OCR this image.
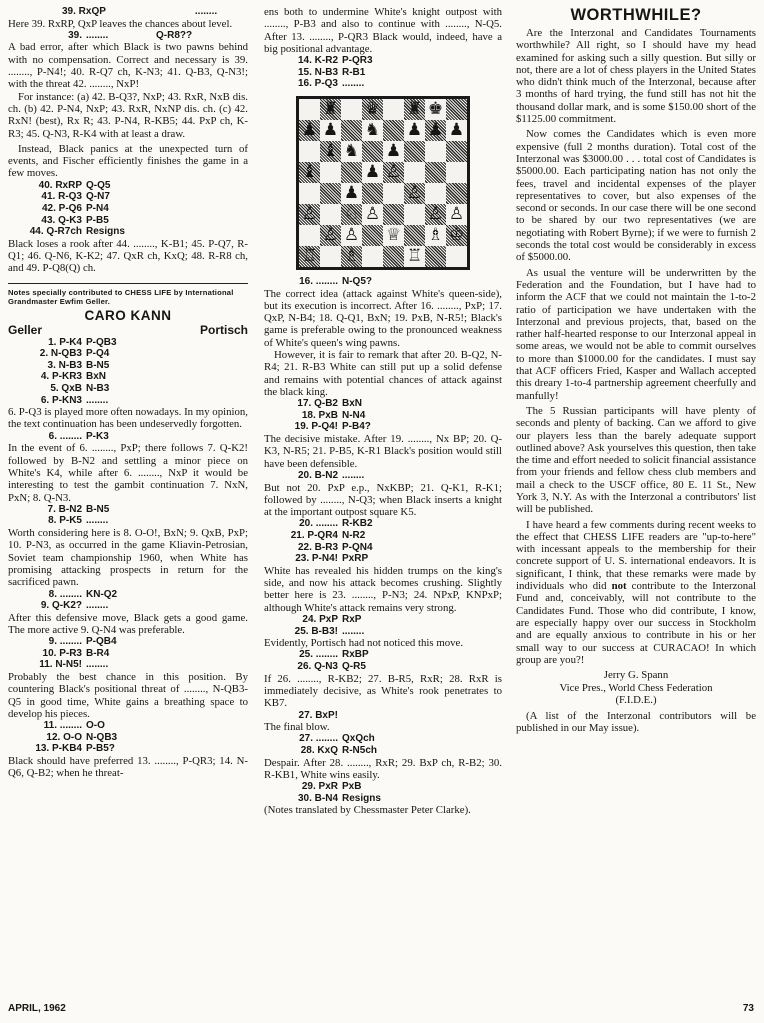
39. RxQP	........

Here 39. RxRP, QxP leaves the chances about level.

39. ........	Q-R8??

A bad error, after which Black is two pawns behind with no compensation. Correct and necessary is 39. ........, P-N4!; 40. R-Q7 ch, K-N3; 41. Q-B3, Q-N3!; with the threat 42. ........, NxP!

For instance: (a) 42. B-Q3?, NxP; 43. RxR, NxB dis. ch. (b) 42. P-N4, NxP; 43. RxR, NxNP dis. ch. (c) 42. RxN! (best), Rx R; 43. P-N4, R-KB5; 44. PxP ch, K-R3; 45. Q-N3, R-K4 with at least a draw.

Instead, Black panics at the unexpected turn of events, and Fischer efficiently finishes the game in a few moves.

40. RxRP Q-Q5
41. R-Q3 Q-N7
42. P-Q6 P-N4
43. Q-K3 P-B5
44. Q-R7ch Resigns

Black loses a rook after 44. ........, K-B1; 45. P-Q7, R-Q1; 46. Q-N6, K-K2; 47. QxR ch, KxQ; 48. R-R8 ch, and 49. P-Q8(Q) ch.

Notes specially contributed to CHESS LIFE by International Grandmaster Ewfim Geller.
CARO KANN
Geller	Portisch
1. P-K4 P-QB3
2. N-QB3 P-Q4
3. N-B3 B-N5
4. P-KR3 BxN
5. QxB N-B3
6. P-KN3 ........

6. P-Q3 is played more often nowadays. In my opinion, the text continuation has been undeservedly forgotten.

6. ........ P-K3

In the event of 6. ........, PxP; there follows 7. Q-K2! followed by B-N2 and settling a minor piece on White's K4, while after 6. ........, NxP it would be interesting to test the gambit continuation 7. NxN, PxN; 8. Q-N3.

7. B-N2 B-N5
8. P-K5 ........

Worth considering here is 8. O-O!, BxN; 9. QxB, PxP; 10. P-N3, as occurred in the game Kliavin-Petrosian, Soviet team championship 1960, when White has promising attacking prospects in return for the sacrificed pawn.

8. ........ KN-Q2
9. Q-K2? ........

After this defensive move, Black gets a good game. The more active 9. Q-N4 was preferable.

9. ........ P-QB4
10. P-R3 B-R4
11. N-N5! ........

Probably the best chance in this position. By countering Black's positional threat of ........, N-QB3-Q5 in good time, White gains a breathing space to develop his pieces.

11. ........ O-O
12. O-O N-QB3
13. P-KB4 P-B5?

Black should have preferred 13. ........, P-QR3; 14. N-Q6, Q-B2; when he threat-

ens both to undermine White's knight outpost with ........, P-B3 and also to continue with ........, N-Q5. After 13. ........, P-QR3 Black would, indeed, have a big positional advantage.

14. K-R2 P-QR3
15. N-B3 R-B1
16. P-Q3 ........
♜ ♛ ♜ ♚
♟ ♟ ♞ ♟ ♟ ♟
♝ ♞ ♟
♝	♟ ♙
♟	♙
♙ ♘ ♙	♙ ♙
♙ ♙ ♕ ♗ ♔
♖ ♗	♖
16. ........ N-Q5?

The correct idea (attack against White's queen-side), but its execution is incorrect. After 16. ........, PxP; 17. QxP, N-B4; 18. Q-Q1, BxN; 19. PxB, N-R5!; Black's game is preferable owing to the pronounced weakness of White's queen's wing pawns.

However, it is fair to remark that after 20. B-Q2, N-R4; 21. R-B3 White can still put up a solid defense and remains with potential chances of attack against the black king.

17. Q-B2 BxN
18. PxB N-N4
19. P-Q4! P-B4?

The decisive mistake. After 19. ........, Nx BP; 20. Q-K3, N-R5; 21. P-B5, K-R1 Black's position would still have been defensible.

20. B-N2 ........

But not 20. PxP e.p., NxKBP; 21. Q-K1, R-K1; followed by ........, N-Q3; when Black inserts a knight at the important outpost square K5.

20. ........ R-KB2
21. P-QR4 N-R2
22. B-R3 P-QN4
23. P-N4! PxRP

White has revealed his hidden trumps on the king's side, and now his attack becomes crushing. Slightly better here is 23. ........, P-N3; 24. NPxP, KNPxP; although White's attack remains very strong.

24. PxP RxP
25. B-B3! ........

Evidently, Portisch had not noticed this move.

25. ........ RxBP
26. Q-N3 Q-R5

If 26. ........, R-KB2; 27. B-R5, RxR; 28. RxR is immediately decisive, as White's rook penetrates to KB7.

27. BxP!

The final blow.

27. ........ QxQch
28. KxQ R-N5ch

Despair. After 28. ........, RxR; 29. BxP ch, R-B2; 30. R-KB1, White wins easily.

29. PxR PxB
30. B-N4 Resigns

(Notes translated by Chessmaster Peter Clarke).

WORTHWHILE?

Are the Interzonal and Candidates Tournaments worthwhile? All right, so I should have my head examined for asking such a silly question. But silly or not, there are a lot of chess players in the United States who didn't think much of the Interzonal, because after 3 months of hard trying, the fund still has not hit the thousand dollar mark, and is some $150.00 short of the $1125.00 commitment.

Now comes the Candidates which is even more expensive (full 2 months duration). Total cost of the Interzonal was $3000.00 . . . total cost of Candidates is $5000.00. Each participating nation has not only the fees, travel and incidental expenses of the player representatives to cover, but also expenses of the second or seconds. In our case there will be one second to be shared by our two representatives (we are negotiating with Robert Byrne); if we were to furnish 2 seconds the total cost would be considerably in excess of $5000.00.

As usual the venture will be underwritten by the Federation and the Foundation, but I have had to inform the ACF that we could not maintain the 1-to-2 ratio of participation we have undertaken with the Interzonal and previous projects, that, based on the rather half-hearted response to our Interzonal appeal in some areas, we would not be able to commit ourselves to more than $1000.00 for the candidates. I must say that ACF officers Fried, Kasper and Wallach accepted this dreary 1-to-4 partnership agreement cheerfully and manfully!

The 5 Russian participants will have plenty of seconds and plenty of backing. Can we afford to give our players less than the barely adequate support outlined above? Ask yourselves this question, then take the time and effort needed to solicit financial assistance from your friends and fellow chess club members and mail a check to the USCF office, 80 E. 11 St., New York 3, N.Y. As with the Interzonal a contributors' list will be published.

I have heard a few comments during recent weeks to the effect that CHESS LIFE readers are "up-to-here" with incessant appeals to the membership for their concrete support of U. S. international endeavors. It is significant, I think, that these remarks were made by individuals who did not contribute to the Interzonal Fund and, conceivably, will not contribute to the Candidates Fund. Those who did contribute, I know, are especially happy over our success in Stockholm and are equally anxious to contribute in his or her small way to our success at CURACAO! In which group are you?!

Jerry G. Spann
Vice Pres., World Chess Federation
(F.I.D.E.)

(A list of the Interzonal contributors will be published in our May issue).

APRIL, 1962	73
